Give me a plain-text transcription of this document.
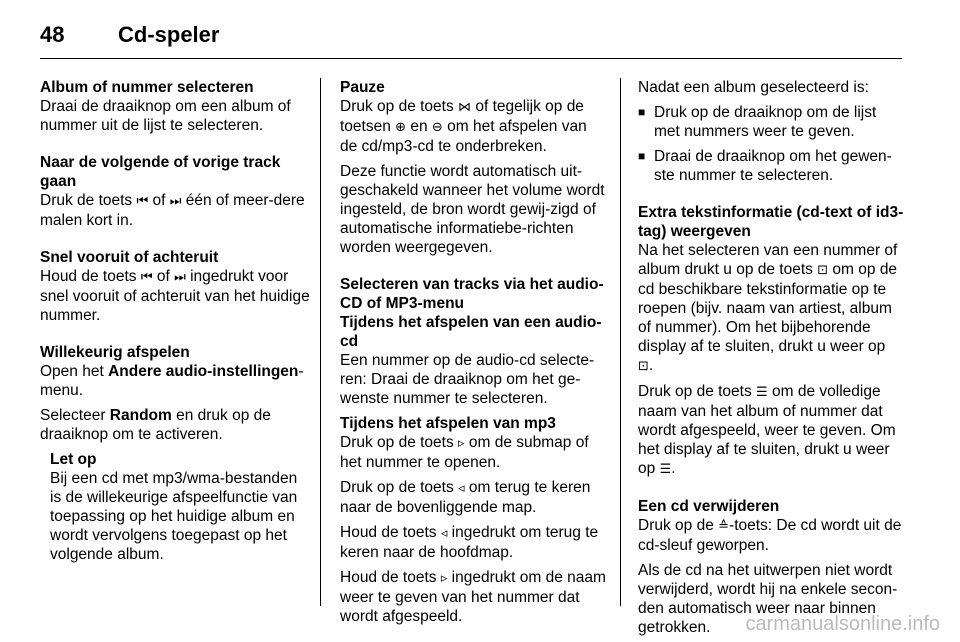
48 Cd-speler

Album of nummer selecteren

Draai de draaiknop om een album of nummer uit de lijst te selecteren.

Naar de volgende of vorige track gaan

Druk de toets ⏮ of ⏭ één of meer-dere malen kort in.

Snel vooruit of achteruit

Houd de toets ⏮ of ⏭ ingedrukt voor snel vooruit of achteruit van het huidige nummer.

Willekeurig afspelen

Open het Andere audio-instellingen-menu.

Selecteer Random en druk op de draaiknop om te activeren.

Let op

Bij een cd met mp3/wma-bestanden is de willekeurige afspeelfunctie van toepassing op het huidige album en wordt vervolgens toegepast op het volgende album.

Pauze

Druk op de toets ⋈ of tegelijk op de toetsen ⊕ en ⊖ om het afspelen van de cd/mp3-cd te onderbreken.

Deze functie wordt automatisch uit-geschakeld wanneer het volume wordt ingesteld, de bron wordt gewij-zigd of automatische informatiebe-richten worden weergegeven.

Selecteren van tracks via het audio-CD of MP3-menu

Tijdens het afspelen van een audio-cd

Een nummer op de audio-cd selecte-ren: Draai de draaiknop om het ge-wenste nummer te selecteren.

Tijdens het afspelen van mp3

Druk op de toets ▹ om de submap of het nummer te openen.

Druk op de toets ◃ om terug te keren naar de bovenliggende map.

Houd de toets ◃ ingedrukt om terug te keren naar de hoofdmap.

Houd de toets ▹ ingedrukt om de naam weer te geven van het nummer dat wordt afgespeeld.

Nadat een album geselecteerd is:

■ Druk op de draaiknop om de lijst met nummers weer te geven.
■ Draai de draaiknop om het gewen-ste nummer te selecteren.

Extra tekstinformatie (cd-text of id3-tag) weergeven

Na het selecteren van een nummer of album drukt u op de toets ⊡ om op de cd beschikbare tekstinformatie op te roepen (bijv. naam van artiest, album of nummer). Om het bijbehorende display af te sluiten, drukt u weer op ⊡.

Druk op de toets ☰ om de volledige naam van het album of nummer dat wordt afgespeeld, weer te geven. Om het display af te sluiten, drukt u weer op ☰.

Een cd verwijderen

Druk op de ≙-toets: De cd wordt uit de cd-sleuf geworpen.

Als de cd na het uitwerpen niet wordt verwijderd, wordt hij na enkele secon-den automatisch weer naar binnen getrokken.	carmanualsonline.info
